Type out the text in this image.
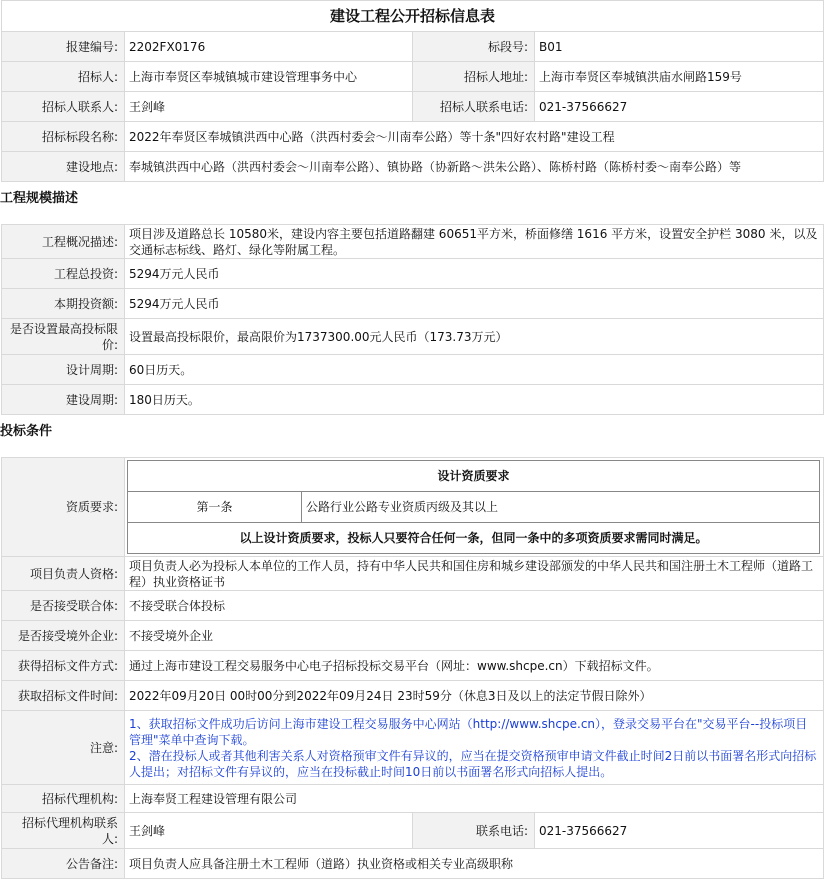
建设工程公开招标信息表			
报建编号:	2202FX0176	标段号:	B01
招标人:	上海市奉贤区奉城镇城市建设管理事务中心	招标人地址:	上海市奉贤区奉城镇洪庙水闸路159号
招标人联系人:	王剑峰	招标人联系电话:	021-37566627
招标标段名称:	2022年奉贤区奉城镇洪西中心路（洪西村委会～川南奉公路）等十条"四好农村路"建设工程		
建设地点:	奉城镇洪西中心路（洪西村委会～川南奉公路）、镇协路（协新路～洪朱公路）、陈桥村路（陈桥村委～南奉公路）等		
工程规模描述
工程概况描述:	项目涉及道路总长 10580米，建设内容主要包括道路翻建 60651平方米，桥面修缮 1616 平方米，设置安全护栏 3080 米，以及交通标志标线、路灯、绿化等附属工程。
工程总投资:	5294万元人民币
本期投资额:	5294万元人民币
是否设置最高投标限价:	设置最高投标限价，最高限价为1737300.00元人民币（173.73万元）
设计周期:	60日历天。
建设周期:	180日历天。
投标条件
资质要求:	
设计资质要求
第一条	公路行业公路专业资质丙级及其以上
以上设计资质要求，投标人只要符合任何一条，但同一条中的多项资质要求需同时满足。

项目负责人资格:	项目负责人必为投标人本单位的工作人员，持有中华人民共和国住房和城乡建设部颁发的中华人民共和国注册土木工程师（道路工程）执业资格证书
是否接受联合体:	不接受联合体投标
是否接受境外企业:	不接受境外企业
获得招标文件方式:	通过上海市建设工程交易服务中心电子招标投标交易平台（网址：www.shcpe.cn）下载招标文件。
获取招标文件时间:	2022年09月20日 00时00分到2022年09月24日 23时59分（休息3日及以上的法定节假日除外）
注意:	
1、获取招标文件成功后访问上海市建设工程交易服务中心网站（http://www.shcpe.cn），登录交易平台在"交易平台--投标项目管理"菜单中查询下载。
2、潜在投标人或者其他利害关系人对资格预审文件有异议的，应当在提交资格预审申请文件截止时间2日前以书面署名形式向招标人提出；对招标文件有异议的，应当在投标截止时间10日前以书面署名形式向招标人提出。

招标代理机构:	上海奉贤工程建设管理有限公司
招标代理机构联系人:	王剑峰	联系电话:	021-37566627
公告备注:	项目负责人应具备注册土木工程师（道路）执业资格或相关专业高级职称
